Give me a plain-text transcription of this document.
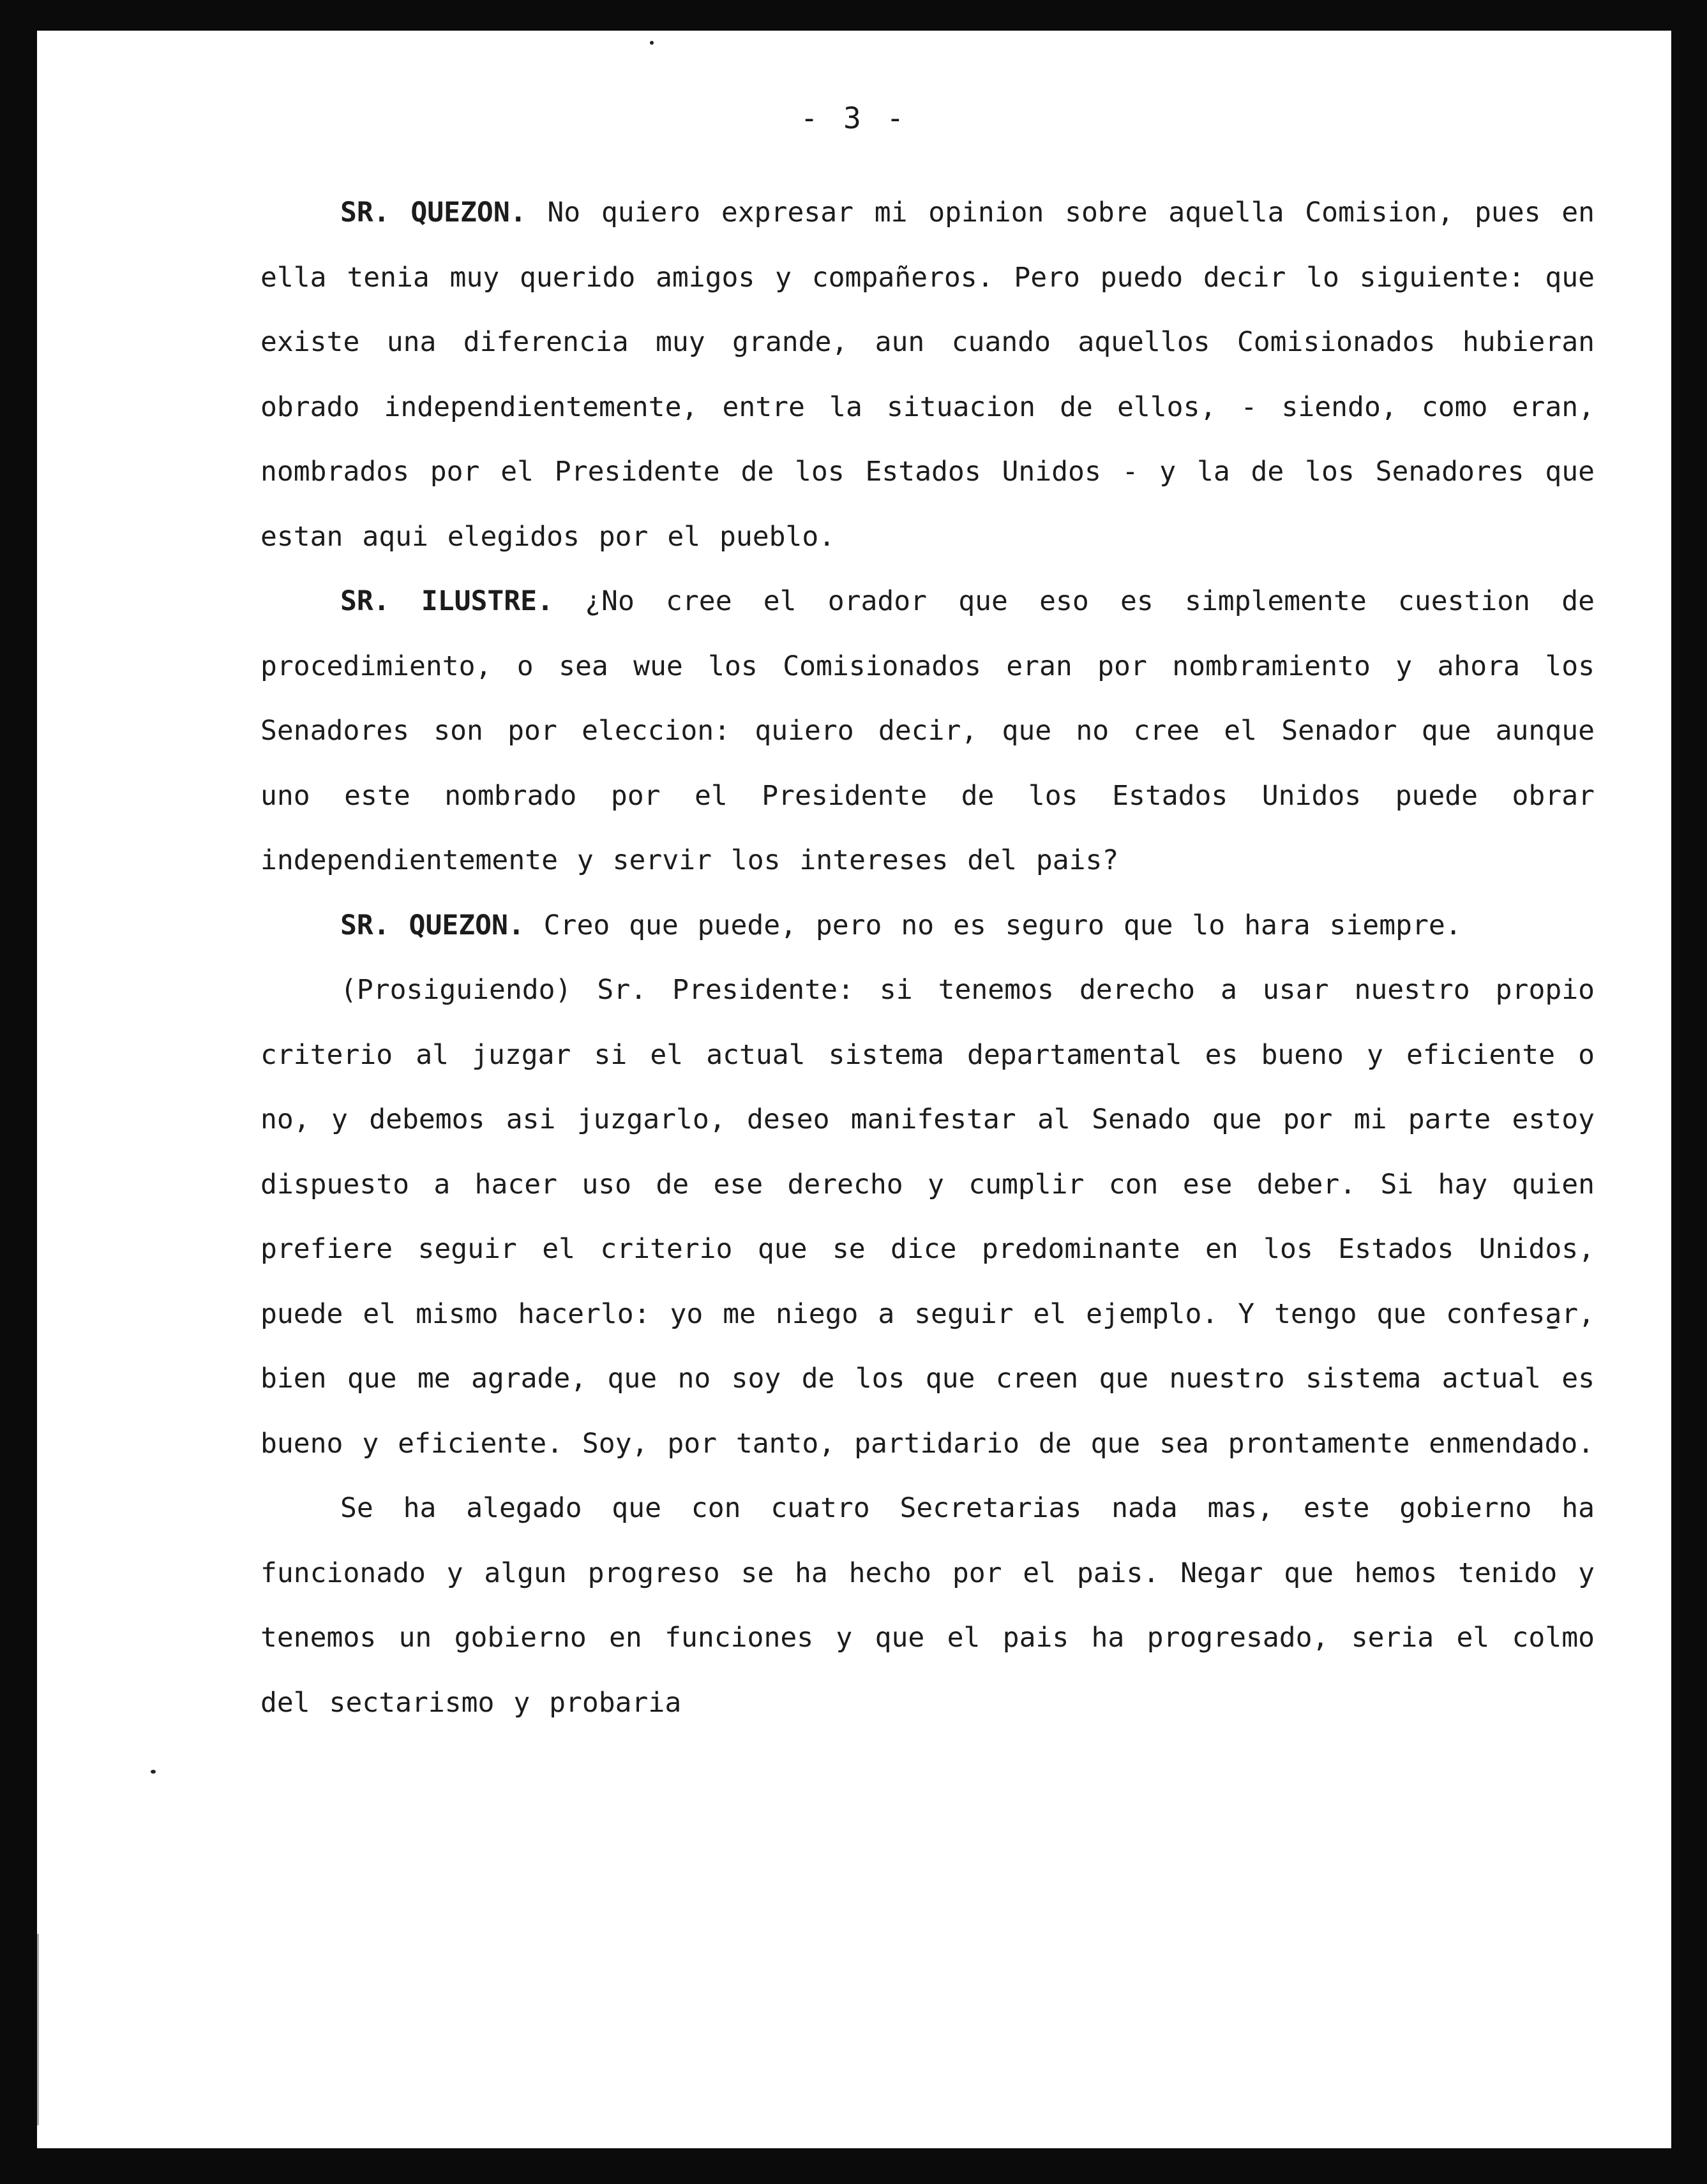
- 3 -

SR. QUEZON. No quiero expresar mi opinion sobre aquella Comision, pues en ella tenia muy querido amigos y compañeros. Pero puedo decir lo siguiente: que existe una diferencia muy grande, aun cuando aquellos Comisionados hubieran obrado independientemente, entre la situacion de ellos, - siendo, como eran, nombrados por el Presidente de los Estados Unidos - y la de los Senadores que estan aqui elegidos por el pueblo.

SR. ILUSTRE. ¿No cree el orador que eso es simplemente cuestion de procedimiento, o sea wue los Comisionados eran por nombramiento y ahora los Senadores son por eleccion: quiero decir, que no cree el Senador que aunque uno este nombrado por el Presidente de los Estados Unidos puede obrar independientemente y servir los intereses del pais?

SR. QUEZON. Creo que puede, pero no es seguro que lo hara siempre.

(Prosiguiendo) Sr. Presidente: si tenemos derecho a usar nuestro propio criterio al juzgar si el actual sistema departamental es bueno y eficiente o no, y debemos asi juzgarlo, deseo manifestar al Senado que por mi parte estoy dispuesto a hacer uso de ese derecho y cumplir con ese deber. Si hay quien prefiere seguir el criterio que se dice predominante en los Estados Unidos, puede el mismo hacerlo: yo me niego a seguir el ejemplo. Y tengo que confesar, bien que me agrade, que no soy de los que creen que nuestro sistema actual es bueno y eficiente. Soy, por tanto, partidario de que sea prontamente enmendado.

Se ha alegado que con cuatro Secretarias nada mas, este gobierno ha funcionado y algun progreso se ha hecho por el pais. Negar que hemos tenido y tenemos un gobierno en funciones y que el pais ha progresado, seria el colmo del sectarismo y probaria
